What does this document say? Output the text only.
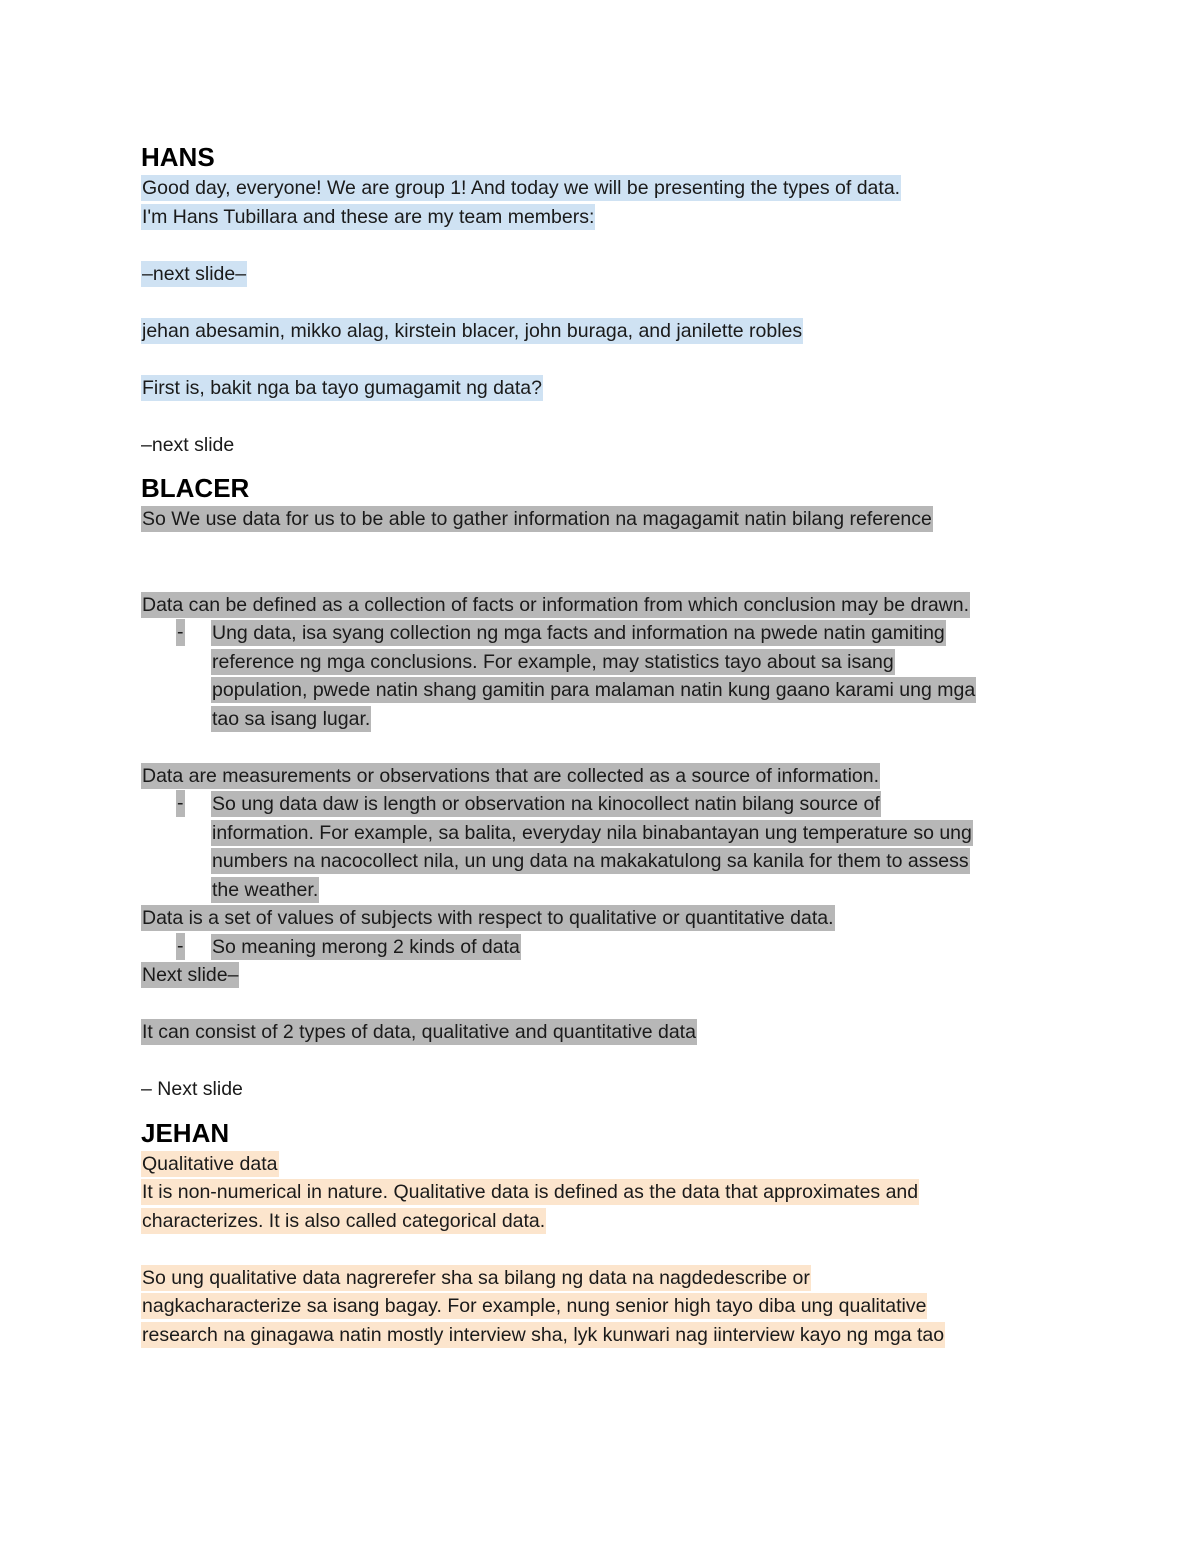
HANS

Good day, everyone! We are group 1! And today we will be presenting the types of data.

I'm Hans Tubillara and these are my team members:

–next slide–

jehan abesamin, mikko alag, kirstein blacer, john buraga, and janilette robles

First is, bakit nga ba tayo gumagamit ng data?

–next slide

BLACER

So We use data for us to be able to gather information na magagamit natin bilang reference

Data can be defined as a collection of facts or information from which conclusion may be drawn.

- Ung data, isa syang collection ng mga facts and information na pwede natin gamiting

reference ng mga conclusions. For example, may statistics tayo about sa isang

population, pwede natin shang gamitin para malaman natin kung gaano karami ung mga

tao sa isang lugar.

Data are measurements or observations that are collected as a source of information.

- So ung data daw is length or observation na kinocollect natin bilang source of

information. For example, sa balita, everyday nila binabantayan ung temperature so ung

numbers na nacocollect nila, un ung data na makakatulong sa kanila for them to assess

the weather.

Data is a set of values of subjects with respect to qualitative or quantitative data.

- So meaning merong 2 kinds of data

Next slide–

It can consist of 2 types of data, qualitative and quantitative data

– Next slide

JEHAN

Qualitative data

It is non-numerical in nature. Qualitative data is defined as the data that approximates and

characterizes. It is also called categorical data.

So ung qualitative data nagrerefer sha sa bilang ng data na nagdedescribe or

nagkacharacterize sa isang bagay. For example, nung senior high tayo diba ung qualitative

research na ginagawa natin mostly interview sha, lyk kunwari nag iinterview kayo ng mga tao
